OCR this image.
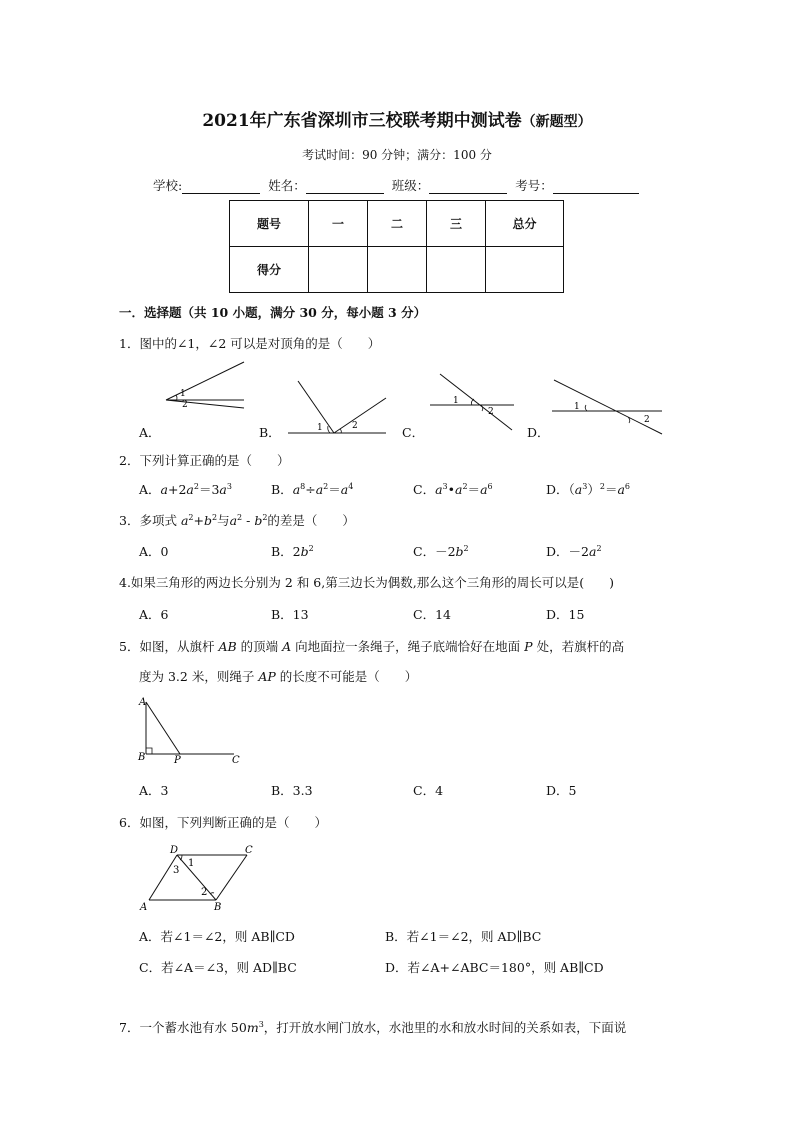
2021年广东省深圳市三校联考期中测试卷（新题型）
考试时间：90 分钟；满分：100 分
学校:	姓名：	班级：	考号：
题号	一	二	三	总分
得分				
一．选择题（共 10 小题，满分 30 分，每小题 3 分）
1．图中的∠1，∠2 可以是对顶角的是（　　）
A．	B．	C．	D．
1
2
1	2
1
2	1
2
2．下列计算正确的是（　　）
A．$a+2a^2=3a^3$	B．$a^8\div a^2=a^4$	C．$a^3•a^2=a^6$	D．$(a^3)^2=a^6$
3．多项式 $a^2+b^2$与$a^2 - b^2$的差是（　　）
A．0	B．$2b^2$	C．$-2b^2$	D．$-2a^2$
4.如果三角形的两边长分别为 2 和 6,第三边长为偶数,那么这个三角形的周长可以是(　　)
A．6	B．13	C．14	D．15
5．如图，从旗杆 AB 的顶端 A 向地面拉一条绳子，绳子底端恰好在地面 P 处，若旗杆的高
度为 3.2 米，则绳子 AP 的长度不可能是（　　）
A
B	P	C
A．3	B．3.3	C．4	D．5
6．如图，下列判断正确的是（　　）
D	C
A	B
1
2
3
A．若∠1＝∠2，则 AB∥CD	B．若∠1＝∠2，则 AD∥BC
C．若∠A＝∠3，则 AD∥BC	D．若∠A+∠ABC＝180°，则 AB∥CD
7．一个蓄水池有水 $50m^3$，打开放水闸门放水，水池里的水和放水时间的关系如表，下面说
